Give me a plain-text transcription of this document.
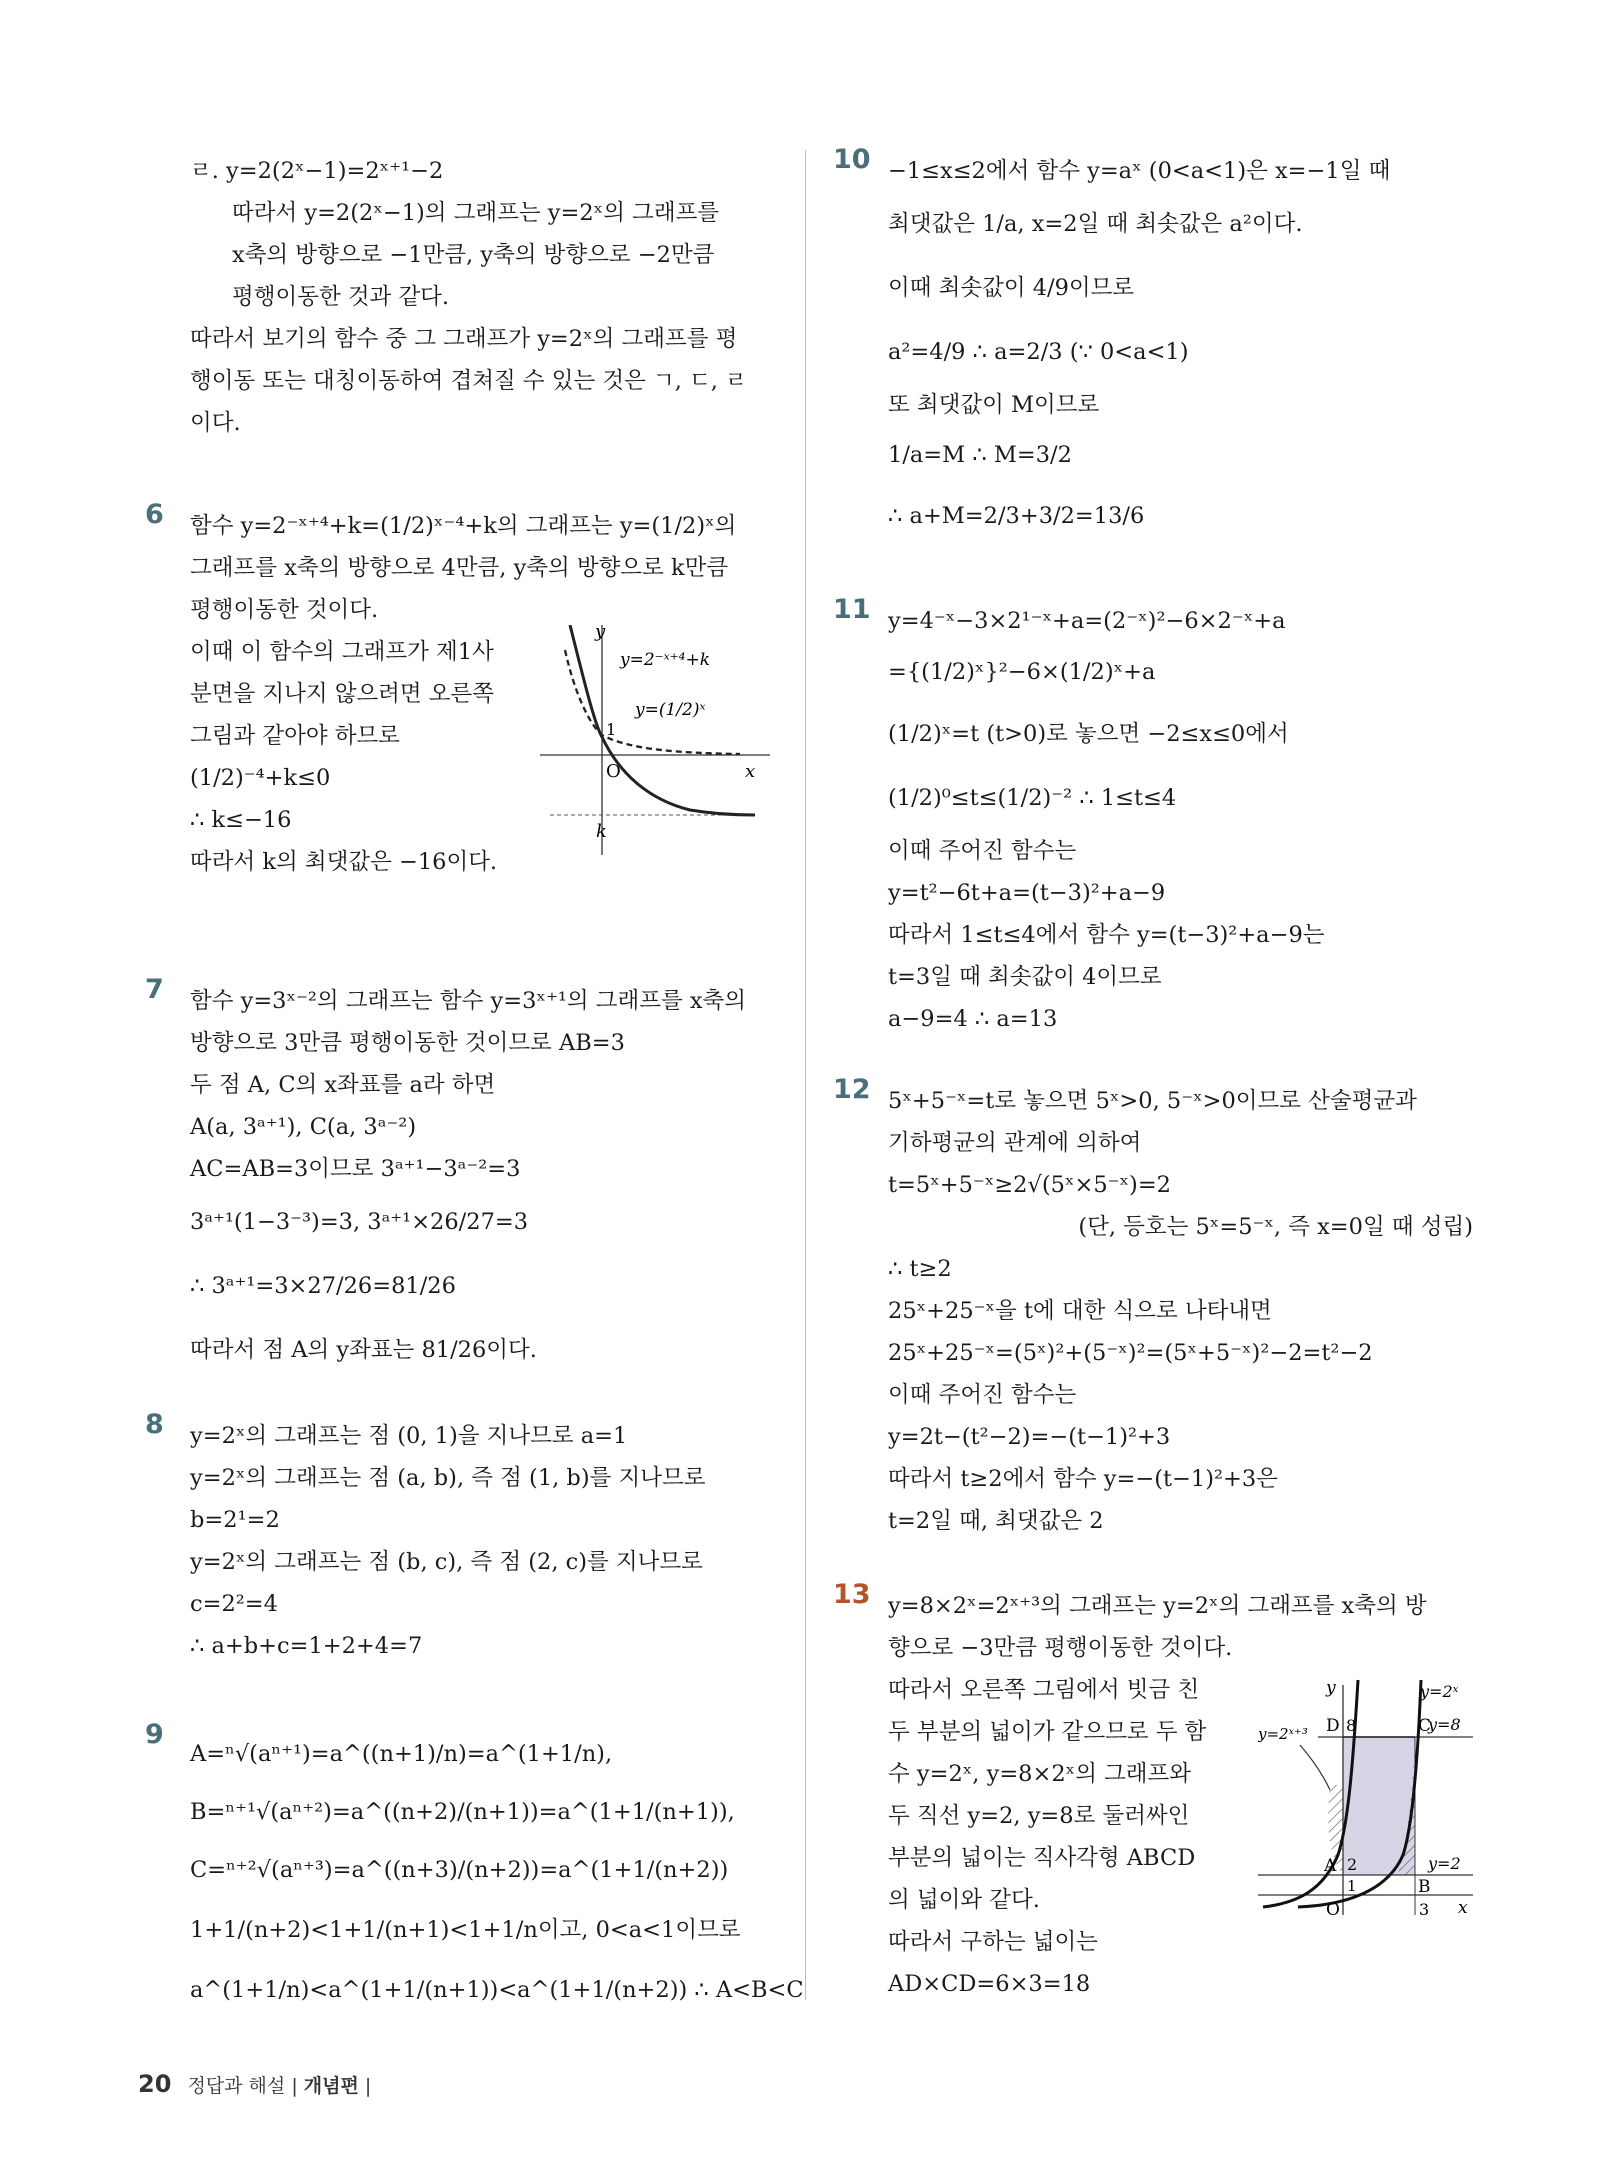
ㄹ. y=2(2ˣ−1)=2ˣ⁺¹−2
따라서 y=2(2ˣ−1)의 그래프는 y=2ˣ의 그래프를
x축의 방향으로 −1만큼, y축의 방향으로 −2만큼
평행이동한 것과 같다.
따라서 보기의 함수 중 그 그래프가 y=2ˣ의 그래프를 평
행이동 또는 대칭이동하여 겹쳐질 수 있는 것은 ㄱ, ㄷ, ㄹ
이다.
6 함수 y=2⁻ˣ⁺⁴+k=(1/2)ˣ⁻⁴+k의 그래프는 y=(1/2)ˣ의
그래프를 x축의 방향으로 4만큼, y축의 방향으로 k만큼
평행이동한 것이다.
이때 이 함수의 그래프가 제1사
분면을 지나지 않으려면 오른쪽
그림과 같아야 하므로
(1/2)⁻⁴+k≤0
∴ k≤−16
따라서 k의 최댓값은 −16이다.
y
x
O
1
k
y=2⁻ˣ⁺⁴+k
y=(1/2)ˣ
7 함수 y=3ˣ⁻²의 그래프는 함수 y=3ˣ⁺¹의 그래프를 x축의
방향으로 3만큼 평행이동한 것이므로 AB=3
두 점 A, C의 x좌표를 a라 하면
A(a, 3ᵃ⁺¹), C(a, 3ᵃ⁻²)
AC=AB=3이므로 3ᵃ⁺¹−3ᵃ⁻²=3
3ᵃ⁺¹(1−3⁻³)=3, 3ᵃ⁺¹×26/27=3
∴ 3ᵃ⁺¹=3×27/26=81/26
따라서 점 A의 y좌표는 81/26이다.
8 y=2ˣ의 그래프는 점 (0, 1)을 지나므로 a=1
y=2ˣ의 그래프는 점 (a, b), 즉 점 (1, b)를 지나므로
b=2¹=2
y=2ˣ의 그래프는 점 (b, c), 즉 점 (2, c)를 지나므로
c=2²=4
∴ a+b+c=1+2+4=7
9
A=ⁿ√(aⁿ⁺¹)=a^((n+1)/n)=a^(1+1/n),
B=ⁿ⁺¹√(aⁿ⁺²)=a^((n+2)/(n+1))=a^(1+1/(n+1)),
C=ⁿ⁺²√(aⁿ⁺³)=a^((n+3)/(n+2))=a^(1+1/(n+2))
1+1/(n+2)<1+1/(n+1)<1+1/n이고, 0<a<1이므로
a^(1+1/n)<a^(1+1/(n+1))<a^(1+1/(n+2)) ∴ A<B<C
10 −1≤x≤2에서 함수 y=aˣ (0<a<1)은 x=−1일 때
최댓값은 1/a, x=2일 때 최솟값은 a²이다.
이때 최솟값이 4/9이므로
a²=4/9 ∴ a=2/3 (∵ 0<a<1)
또 최댓값이 M이므로
1/a=M ∴ M=3/2
∴ a+M=2/3+3/2=13/6
11 y=4⁻ˣ−3×2¹⁻ˣ+a=(2⁻ˣ)²−6×2⁻ˣ+a
={(1/2)ˣ}²−6×(1/2)ˣ+a
(1/2)ˣ=t (t>0)로 놓으면 −2≤x≤0에서
(1/2)⁰≤t≤(1/2)⁻² ∴ 1≤t≤4
이때 주어진 함수는
y=t²−6t+a=(t−3)²+a−9
따라서 1≤t≤4에서 함수 y=(t−3)²+a−9는
t=3일 때 최솟값이 4이므로
a−9=4 ∴ a=13
12 5ˣ+5⁻ˣ=t로 놓으면 5ˣ>0, 5⁻ˣ>0이므로 산술평균과
기하평균의 관계에 의하여
t=5ˣ+5⁻ˣ≥2√(5ˣ×5⁻ˣ)=2
(단, 등호는 5ˣ=5⁻ˣ, 즉 x=0일 때 성립)
∴ t≥2
25ˣ+25⁻ˣ을 t에 대한 식으로 나타내면
25ˣ+25⁻ˣ=(5ˣ)²+(5⁻ˣ)²=(5ˣ+5⁻ˣ)²−2=t²−2
이때 주어진 함수는
y=2t−(t²−2)=−(t−1)²+3
따라서 t≥2에서 함수 y=−(t−1)²+3은
t=2일 때, 최댓값은 2
13 y=8×2ˣ=2ˣ⁺³의 그래프는 y=2ˣ의 그래프를 x축의 방
향으로 −3만큼 평행이동한 것이다.
따라서 오른쪽 그림에서 빗금 친
두 부분의 넓이가 같으므로 두 함
수 y=2ˣ, y=8×2ˣ의 그래프와
두 직선 y=2, y=8로 둘러싸인
부분의 넓이는 직사각형 ABCD
의 넓이와 같다.
따라서 구하는 넓이는
AD×CD=6×3=18
y
x
O
y=2ˣ
y=2ˣ⁺³	y=8
y=2
D	C
A
B
8
2
1
3
20 정답과 해설 | 개념편 |
